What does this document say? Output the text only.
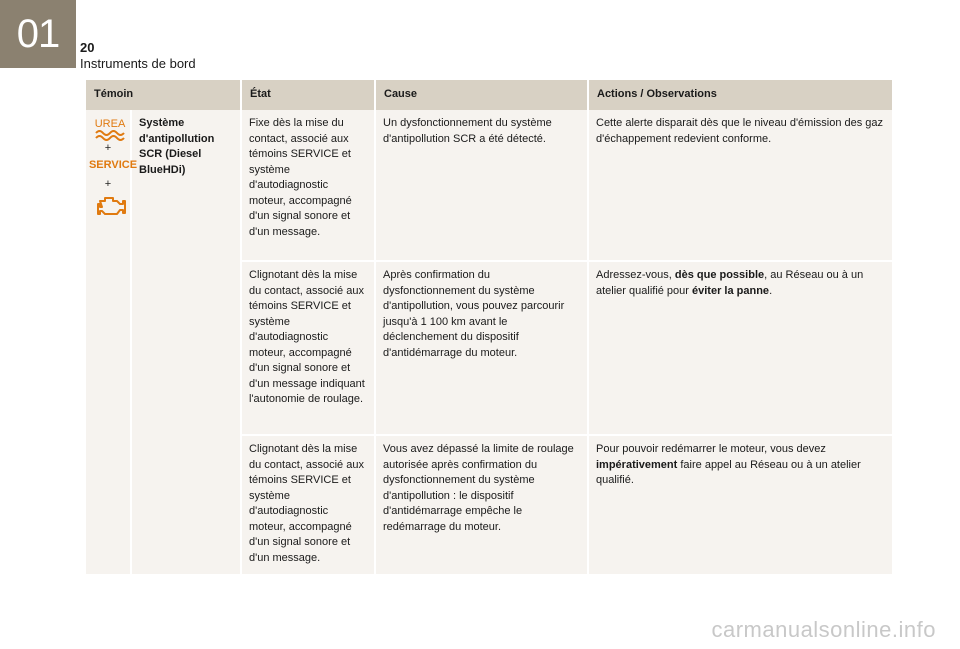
01 20
Instruments de bord
Témoin		État	Cause	Actions / Observations

UREA
+
SERVICE
+	Système d'antipollution SCR (Diesel BlueHDi)	Fixe dès la mise du contact, associé aux témoins SERVICE et système d'autodiagnostic moteur, accompagné d'un signal sonore et d'un message.	Un dysfonctionnement du système d'antipollution SCR a été détecté.	Cette alerte disparait dès que le niveau d'émission des gaz d'échappement redevient conforme.
		Clignotant dès la mise du contact, associé aux témoins SERVICE et système d'autodiagnostic moteur, accompagné d'un signal sonore et d'un message indiquant l'autonomie de roulage.	Après confirmation du dysfonctionnement du système d'antipollution, vous pouvez parcourir jusqu'à 1 100 km avant le déclenchement du dispositif d'antidémarrage du moteur.	Adressez-vous, dès que possible, au Réseau ou à un atelier qualifié pour éviter la panne.
		Clignotant dès la mise du contact, associé aux témoins SERVICE et système d'autodiagnostic moteur, accompagné d'un signal sonore et d'un message.	Vous avez dépassé la limite de roulage autorisée après confirmation du dysfonctionnement du système d'antipollution : le dispositif d'antidémarrage empêche le redémarrage du moteur.	Pour pouvoir redémarrer le moteur, vous devez impérativement faire appel au Réseau ou à un atelier qualifié.
carmanualsonline.info
